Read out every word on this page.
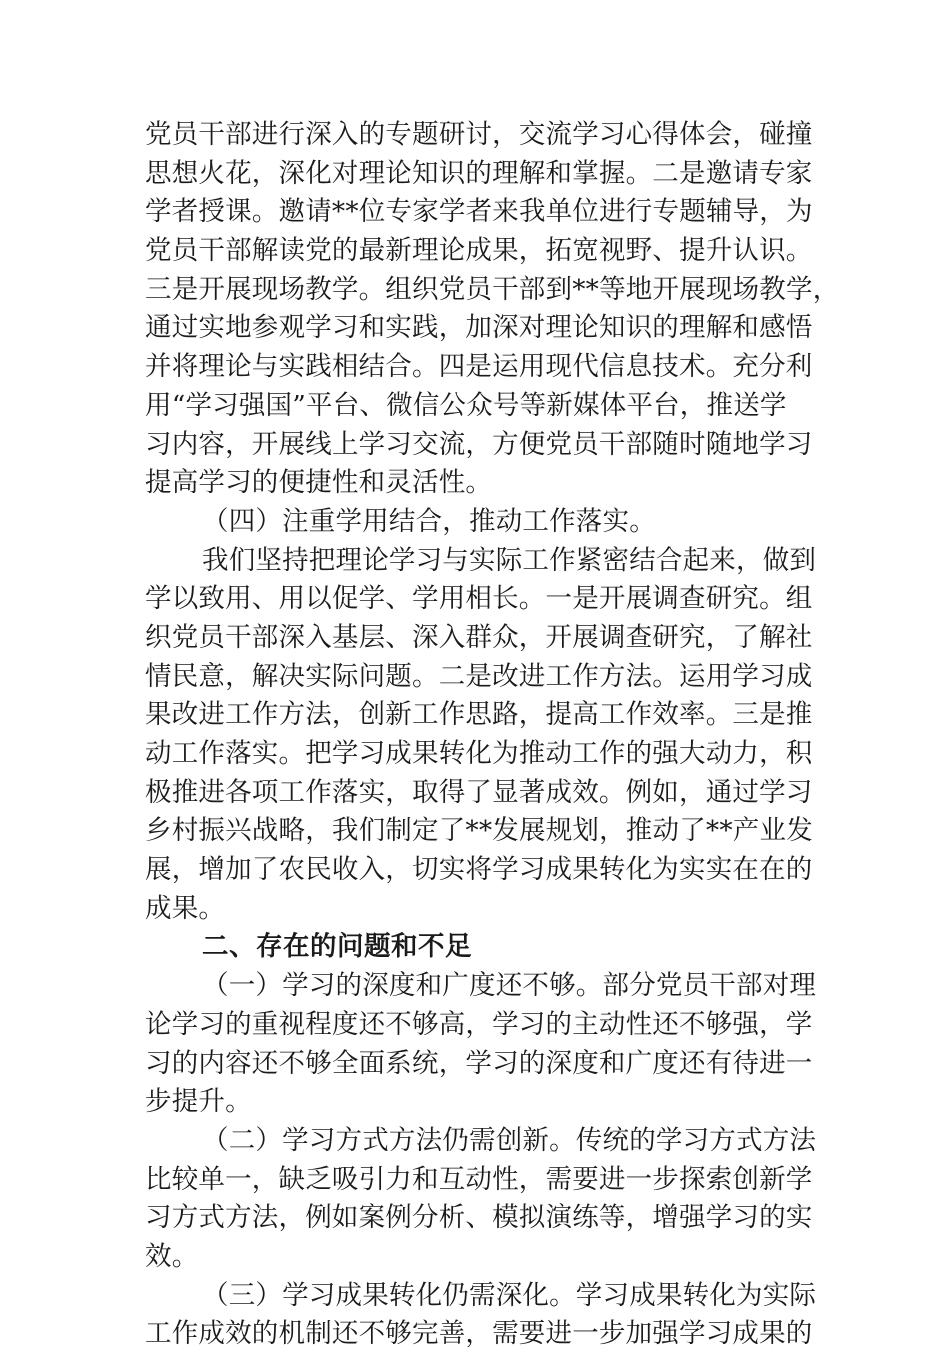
党员干部进行深入的专题研讨，交流学习心得体会，碰撞
思想火花，深化对理论知识的理解和掌握。二是邀请专家
学者授课。邀请**位专家学者来我单位进行专题辅导，为
党员干部解读党的最新理论成果，拓宽视野、提升认识。
三是开展现场教学。组织党员干部到**等地开展现场教学，
通过实地参观学习和实践，加深对理论知识的理解和感悟
并将理论与实践相结合。四是运用现代信息技术。充分利
用“学习强国”平台、微信公众号等新媒体平台，推送学
习内容，开展线上学习交流，方便党员干部随时随地学习
提高学习的便捷性和灵活性。
（四）注重学用结合，推动工作落实。
我们坚持把理论学习与实际工作紧密结合起来，做到
学以致用、用以促学、学用相长。一是开展调查研究。组
织党员干部深入基层、深入群众，开展调查研究，了解社
情民意，解决实际问题。二是改进工作方法。运用学习成
果改进工作方法，创新工作思路，提高工作效率。三是推
动工作落实。把学习成果转化为推动工作的强大动力，积
极推进各项工作落实，取得了显著成效。例如，通过学习
乡村振兴战略，我们制定了**发展规划，推动了**产业发
展，增加了农民收入，切实将学习成果转化为实实在在的
成果。
二、存在的问题和不足
（一）学习的深度和广度还不够。部分党员干部对理
论学习的重视程度还不够高，学习的主动性还不够强，学
习的内容还不够全面系统，学习的深度和广度还有待进一
步提升。
（二）学习方式方法仍需创新。传统的学习方式方法
比较单一，缺乏吸引力和互动性，需要进一步探索创新学
习方式方法，例如案例分析、模拟演练等，增强学习的实
效。
（三）学习成果转化仍需深化。学习成果转化为实际
工作成效的机制还不够完善，需要进一步加强学习成果的
